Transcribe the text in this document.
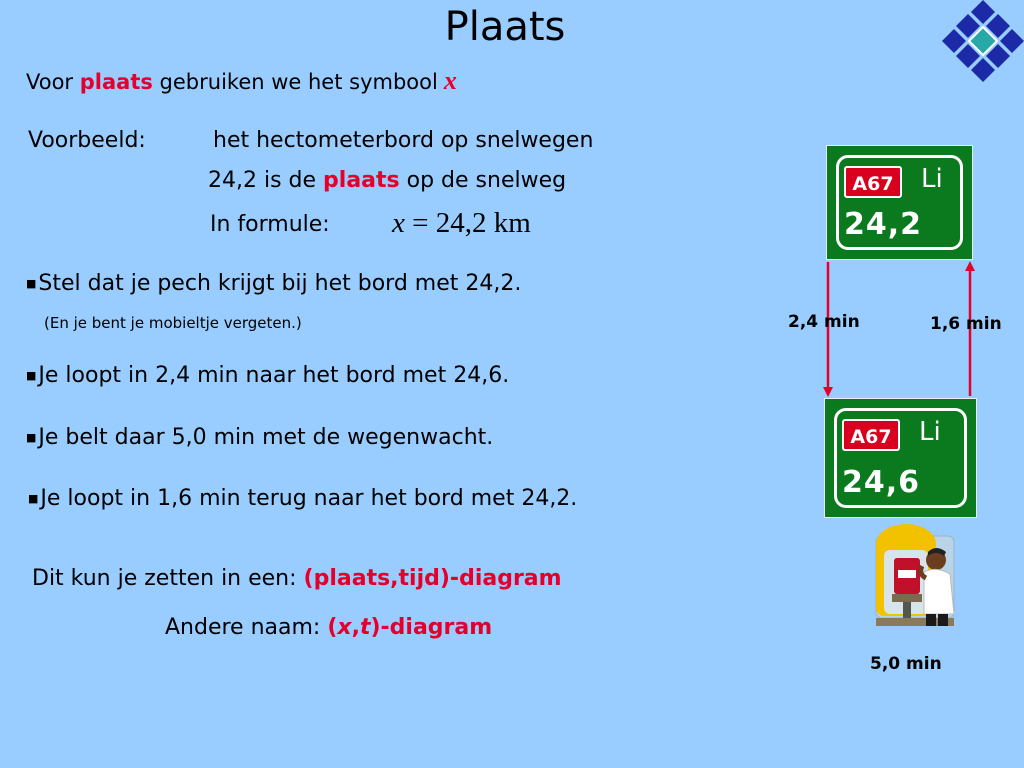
Plaats
Voor plaats gebruiken we het symbool x
Voorbeeld:	het hectometerbord op snelwegen
24,2 is de plaats op de snelweg
In formule: x = 24,2 km
■Stel dat je pech krijgt bij het bord met 24,2.
(En je bent je mobieltje vergeten.)
■Je loopt in 2,4 min naar het bord met 24,6.
■Je belt daar 5,0 min met de wegenwacht.
■Je loopt in 1,6 min terug naar het bord met 24,2.
Dit kun je zetten in een: (plaats,tijd)-diagram
Andere naam: (x,t)-diagram
A67	Li
24,2
A67	Li
24,6
2,4 min	1,6 min
5,0 min
